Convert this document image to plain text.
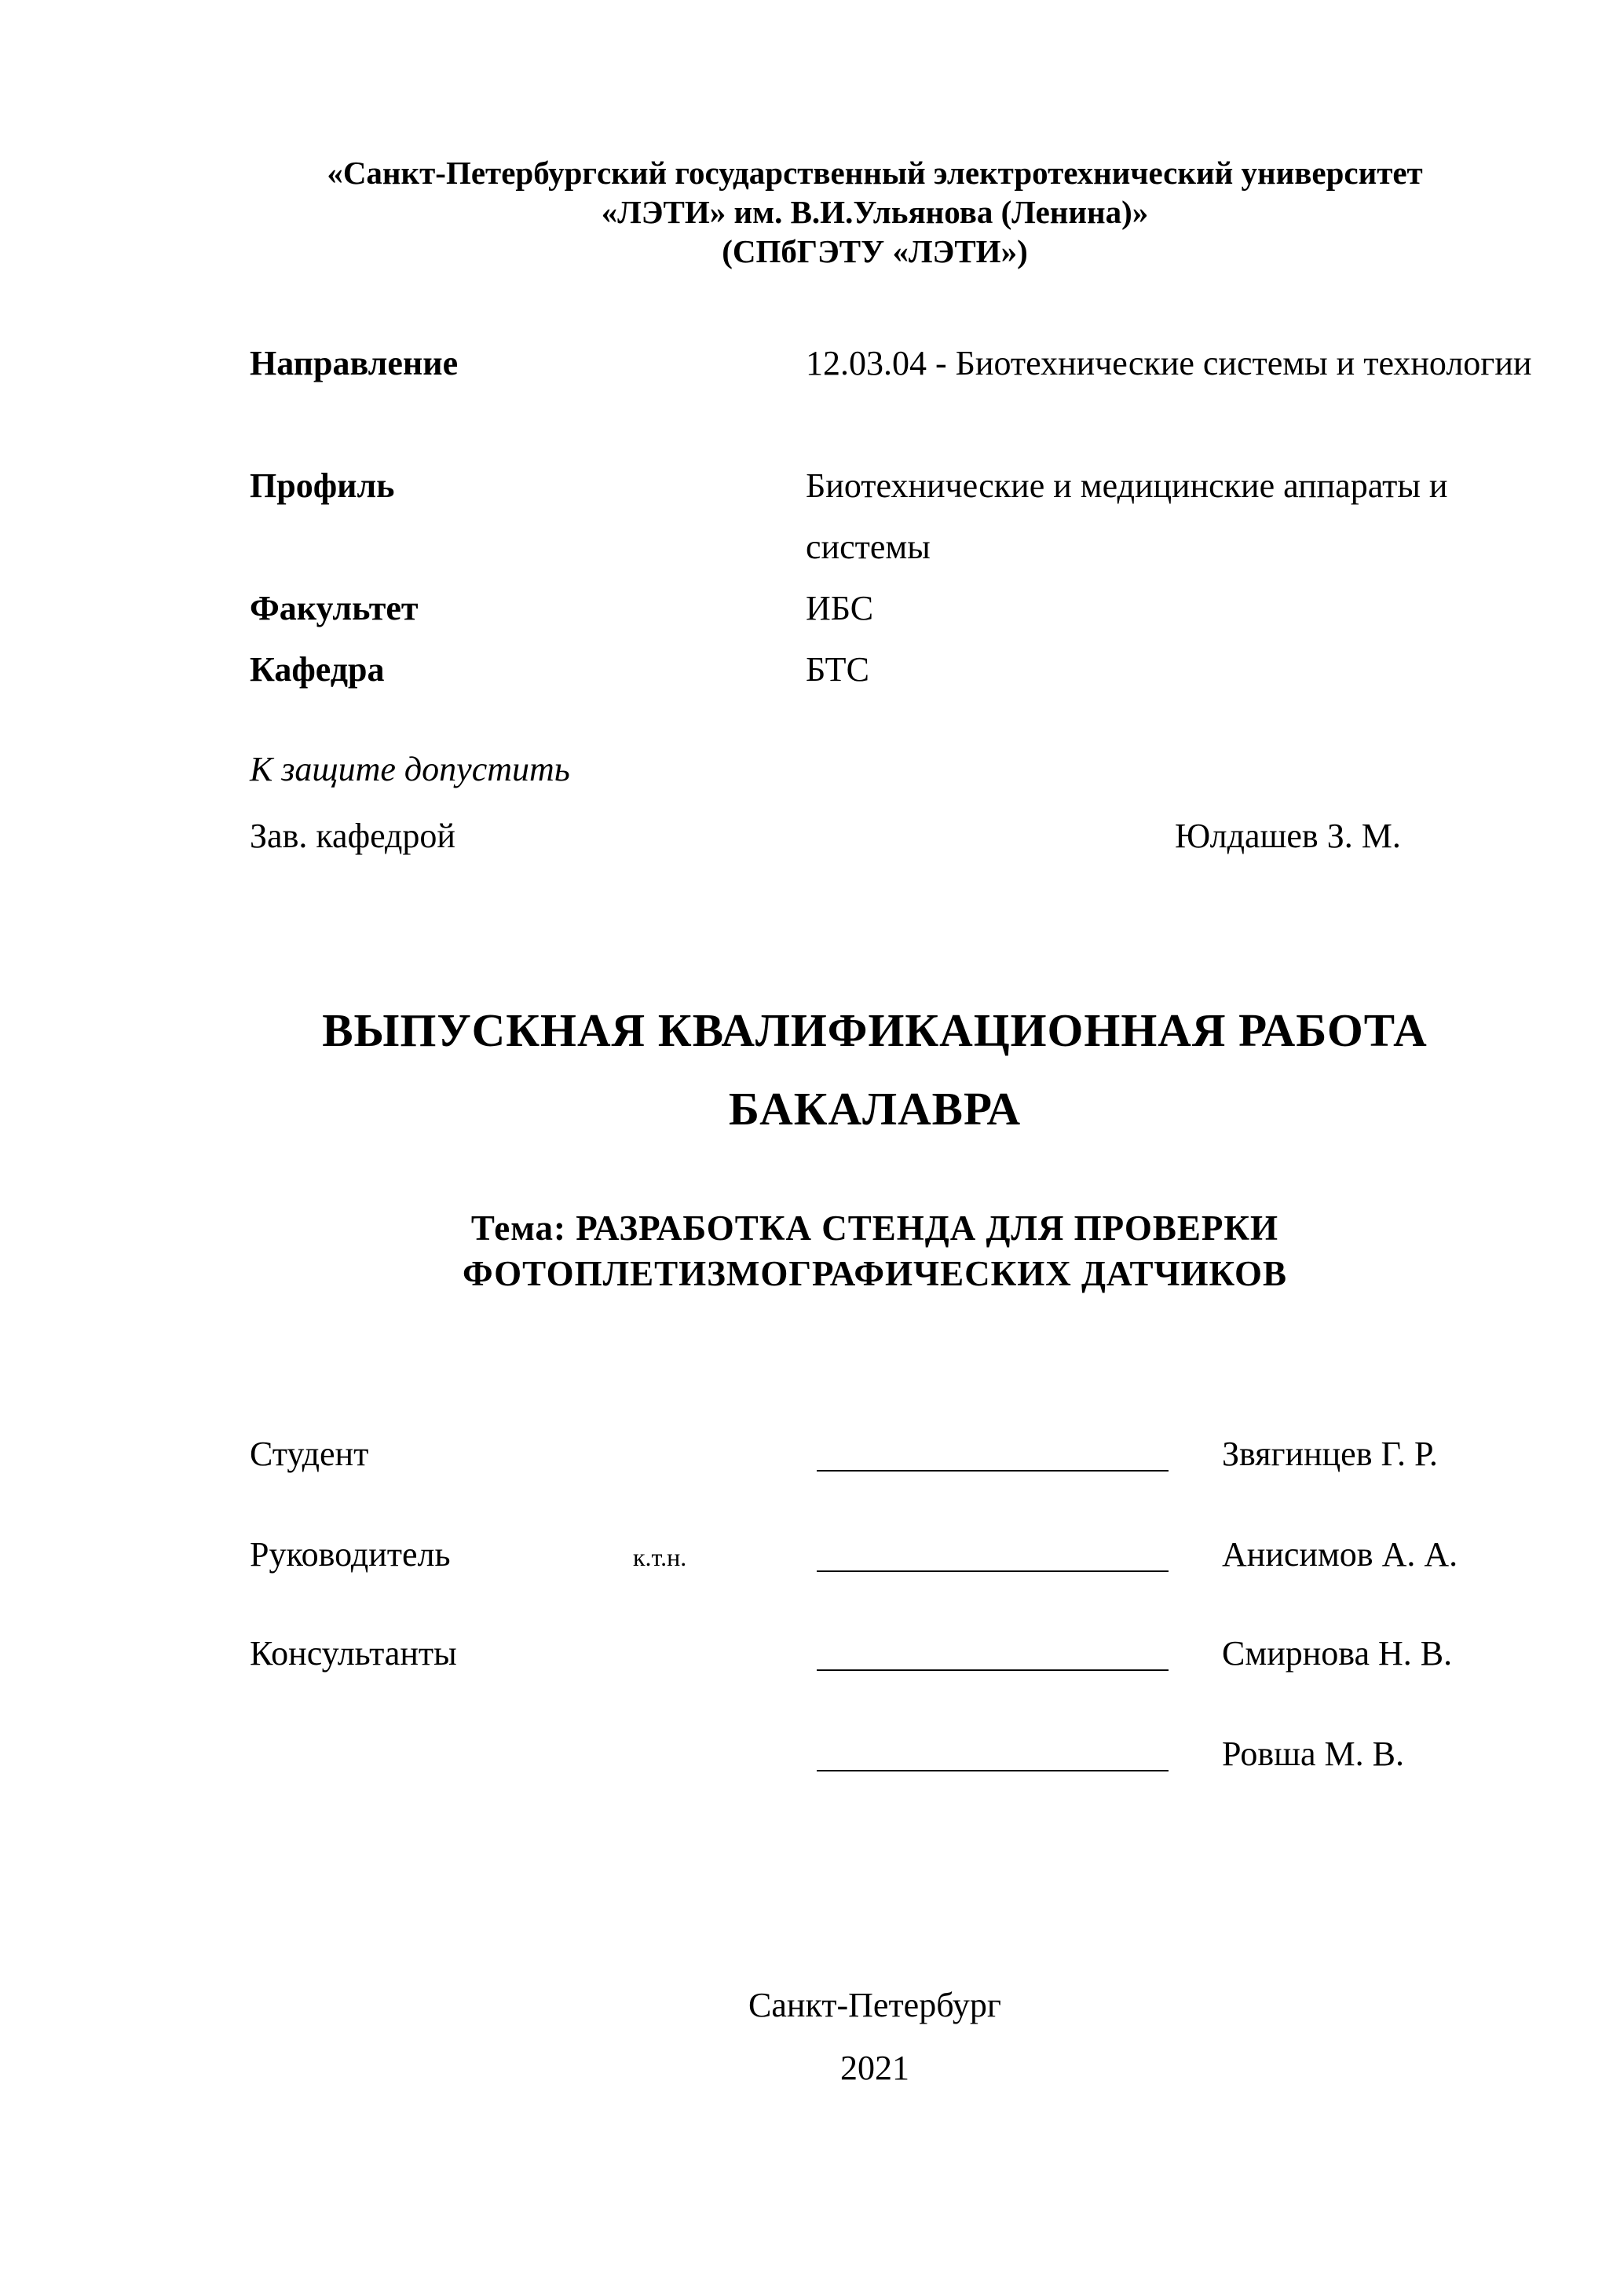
«Санкт-Петербургский государственный электротехнический университет
«ЛЭТИ» им. В.И.Ульянова (Ленина)»
(СПбГЭТУ «ЛЭТИ»)
Направление	12.03.04 - Биотехнические системы и технологии
Профиль	Биотехнические и медицинские аппараты и системы
Факультет	ИБС
Кафедра	БТС
К защите допустить
Зав. кафедрой	Юлдашев З. М.
ВЫПУСКНАЯ КВАЛИФИКАЦИОННАЯ РАБОТА
БАКАЛАВРА
Тема: РАЗРАБОТКА СТЕНДА ДЛЯ ПРОВЕРКИ
ФОТОПЛЕТИЗМОГРАФИЧЕСКИХ ДАТЧИКОВ
Студент	Звягинцев Г. Р.
Руководитель	к.т.н.	Анисимов А. А.
Консультанты	Смирнова Н. В.
Ровша М. В.
Санкт-Петербург
2021
